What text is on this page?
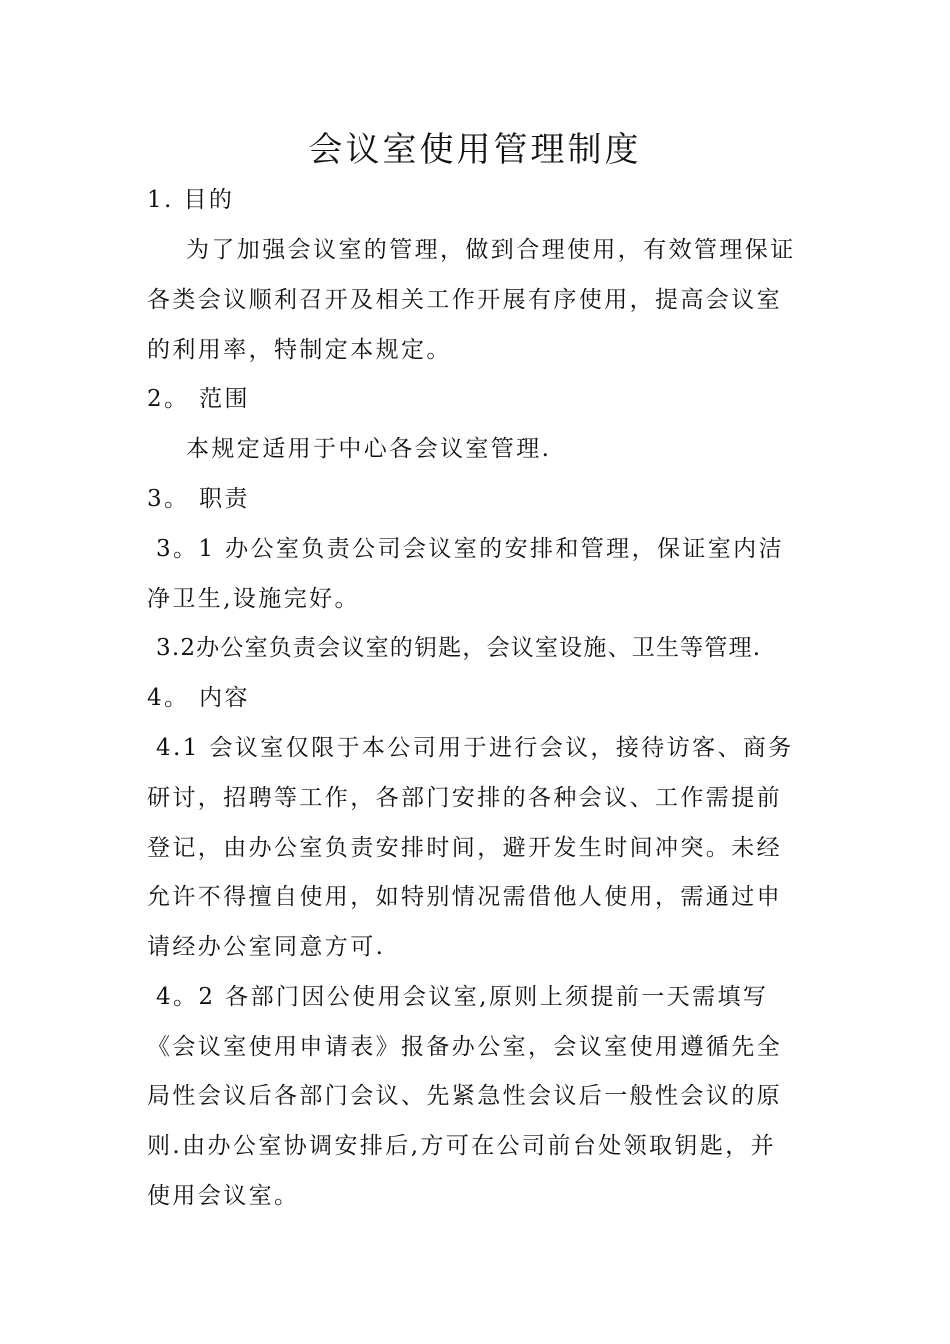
会议室使用管理制度
1. 目的
为了加强会议室的管理，做到合理使用，有效管理保证
各类会议顺利召开及相关工作开展有序使用，提高会议室
的利用率，特制定本规定。
2。 范围
本规定适用于中心各会议室管理.
3。 职责
3。1 办公室负责公司会议室的安排和管理，保证室内洁
净卫生,设施完好。
3.2办公室负责会议室的钥匙，会议室设施、卫生等管理.
4。 内容
4.1 会议室仅限于本公司用于进行会议，接待访客、商务
研讨，招聘等工作，各部门安排的各种会议、工作需提前
登记，由办公室负责安排时间，避开发生时间冲突。未经
允许不得擅自使用，如特别情况需借他人使用，需通过申
请经办公室同意方可.
4。2 各部门因公使用会议室,原则上须提前一天需填写
《会议室使用申请表》报备办公室，会议室使用遵循先全
局性会议后各部门会议、先紧急性会议后一般性会议的原
则.由办公室协调安排后,方可在公司前台处领取钥匙，并
使用会议室。
